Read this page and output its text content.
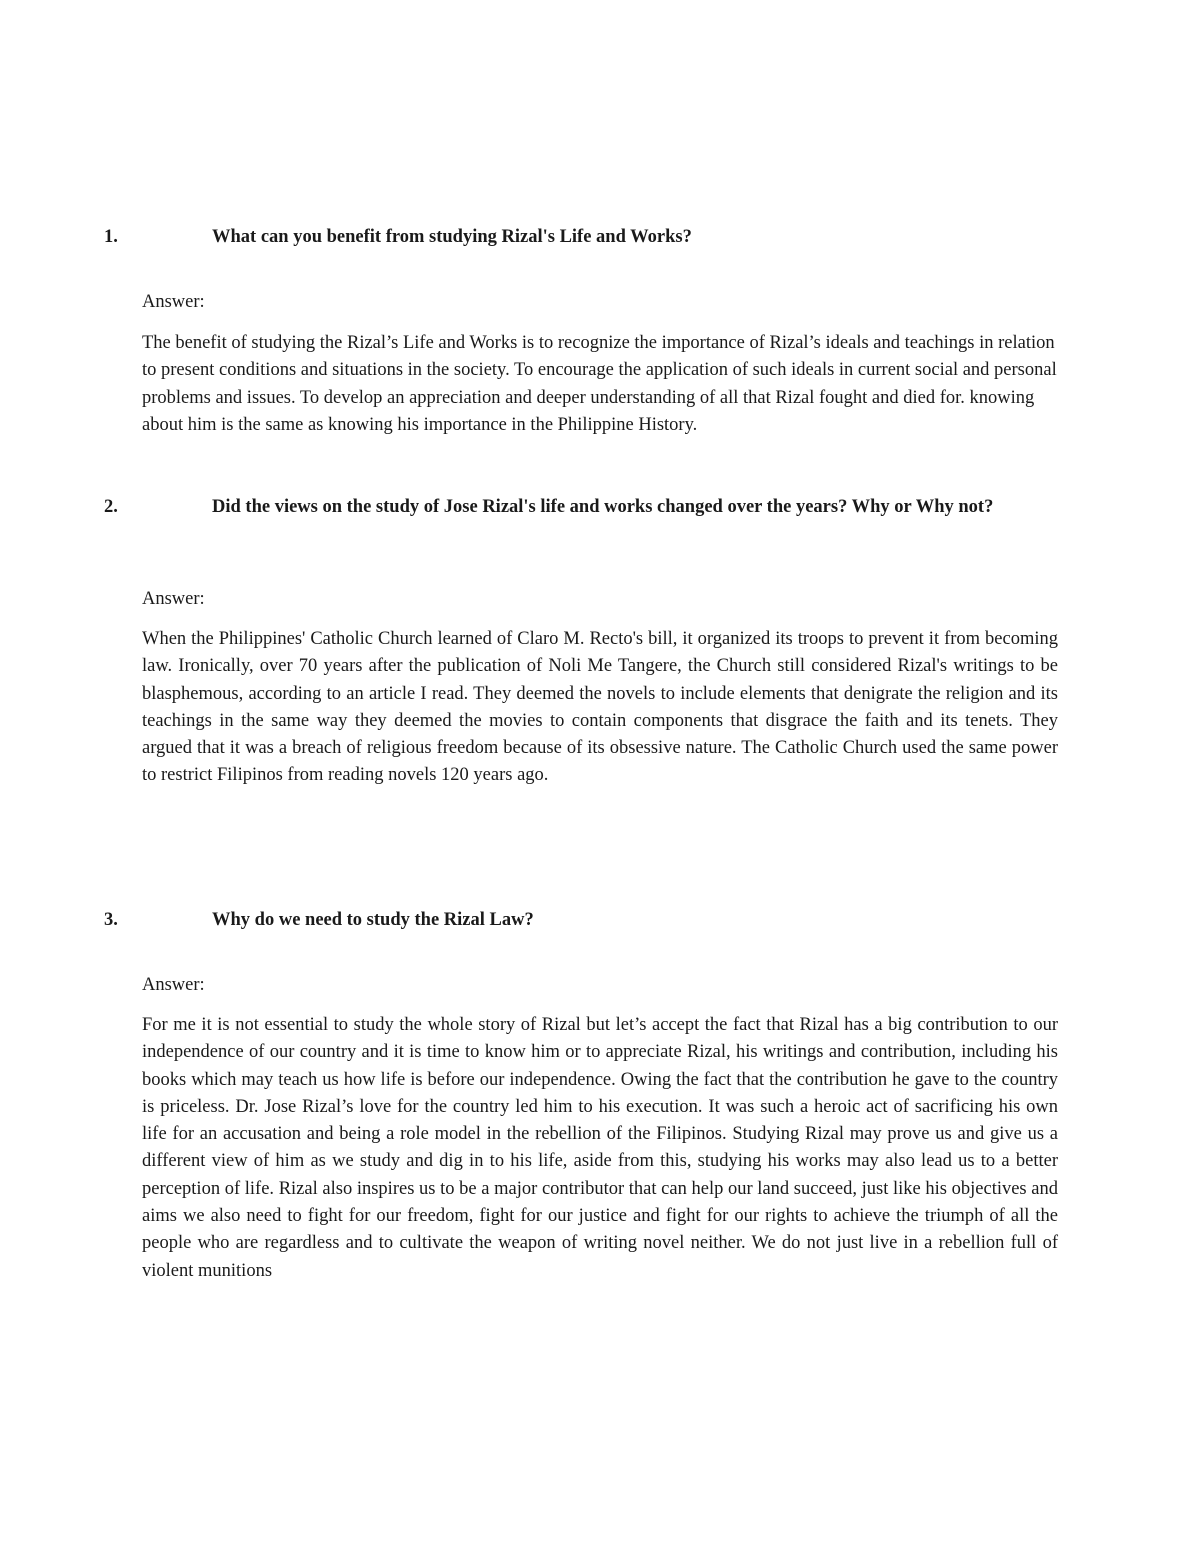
1.	What can you benefit from studying Rizal's Life and Works?
Answer:

The benefit of studying the Rizal’s Life and Works is to recognize the importance of Rizal’s ideals and teachings in relation to present conditions and situations in the society. To encourage the application of such ideals in current social and personal problems and issues. To develop an appreciation and deeper understanding of all that Rizal fought and died for. knowing about him is the same as knowing his importance in the Philippine History.

2.	Did the views on the study of Jose Rizal's life and works changed over the years? Why or Why not?
Answer:

When the Philippines' Catholic Church learned of Claro M. Recto's bill, it organized its troops to prevent it from becoming law. Ironically, over 70 years after the publication of Noli Me Tangere, the Church still considered Rizal's writings to be blasphemous, according to an article I read. They deemed the novels to include elements that denigrate the religion and its teachings in the same way they deemed the movies to contain components that disgrace the faith and its tenets. They argued that it was a breach of religious freedom because of its obsessive nature. The Catholic Church used the same power to restrict Filipinos from reading novels 120 years ago.

3.	Why do we need to study the Rizal Law?
Answer:

For me it is not essential to study the whole story of Rizal but let’s accept the fact that Rizal has a big contribution to our independence of our country and it is time to know him or to appreciate Rizal, his writings and contribution, including his books which may teach us how life is before our independence. Owing the fact that the contribution he gave to the country is priceless. Dr. Jose Rizal’s love for the country led him to his execution. It was such a heroic act of sacrificing his own life for an accusation and being a role model in the rebellion of the Filipinos. Studying Rizal may prove us and give us a different view of him as we study and dig in to his life, aside from this, studying his works may also lead us to a better perception of life. Rizal also inspires us to be a major contributor that can help our land succeed, just like his objectives and aims we also need to fight for our freedom, fight for our justice and fight for our rights to achieve the triumph of all the people who are regardless and to cultivate the weapon of writing novel neither. We do not just live in a rebellion full of violent munitions
